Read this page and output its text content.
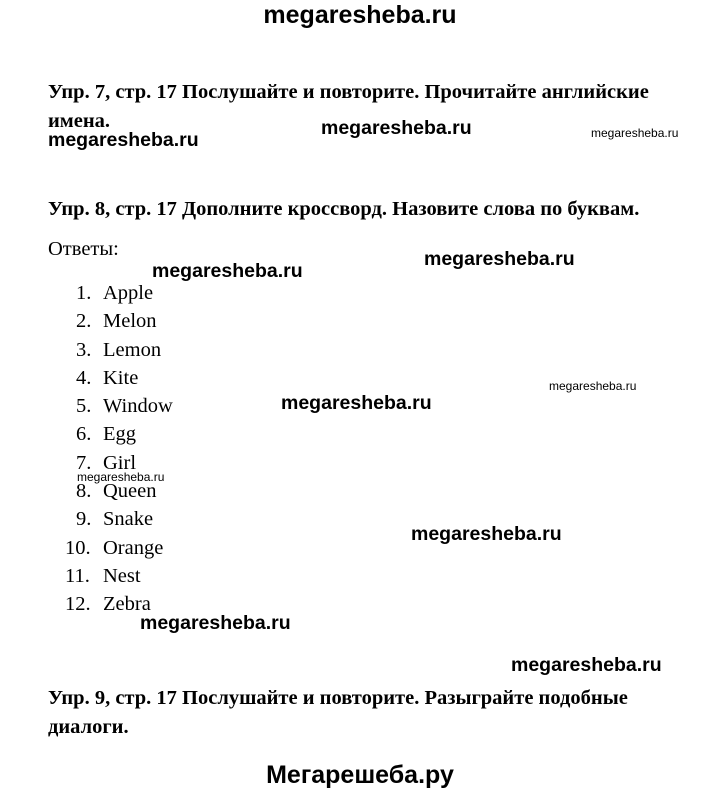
megaresheba.ru
Упр. 7, стр. 17 Послушайте и повторите. Прочитайте английские
имена.
Упр. 8, стр. 17 Дополните кроссворд. Назовите слова по буквам.
Ответы:
1. Apple
2. Melon
3. Lemon
4. Kite
5. Window
6. Egg
7. Girl
8. Queen
9. Snake
10. Orange
11. Nest
12. Zebra
Упр. 9, стр. 17 Послушайте и повторите. Разыграйте подобные
диалоги.
megaresheba.ru
megaresheba.ru	megaresheba.ru
megaresheba.ru
megaresheba.ru
megaresheba.ru
megaresheba.ru
megaresheba.ru
megaresheba.ru
megaresheba.ru
megaresheba.ru
Мегарешеба.ру
